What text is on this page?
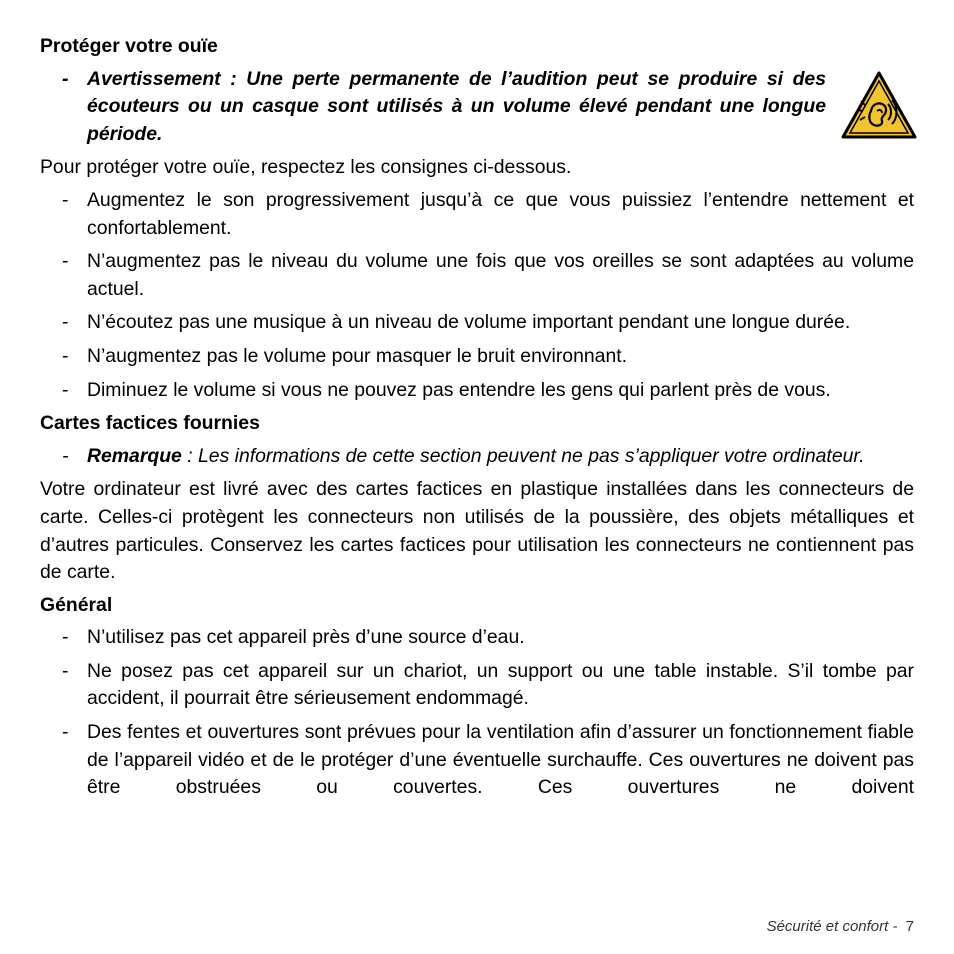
Protéger votre ouïe
- Avertissement : Une perte permanente de l’audition peut se produire si des écouteurs ou un casque sont utilisés à un volume élevé pendant une longue période.
Pour protéger votre ouïe, respectez les consignes ci-dessous.
- Augmentez le son progressivement jusqu’à ce que vous puissiez l’entendre nettement et confortablement.
- N’augmentez pas le niveau du volume une fois que vos oreilles se sont adaptées au volume actuel.
- N’écoutez pas une musique à un niveau de volume important pendant une longue durée.
- N’augmentez pas le volume pour masquer le bruit environnant.
- Diminuez le volume si vous ne pouvez pas entendre les gens qui parlent près de vous.
Cartes factices fournies
- Remarque : Les informations de cette section peuvent ne pas s’appliquer votre ordinateur.
Votre ordinateur est livré avec des cartes factices en plastique installées dans les connecteurs de carte. Celles-ci protègent les connecteurs non utilisés de la poussière, des objets métalliques et d’autres particules. Conservez les cartes factices pour utilisation les connecteurs ne contiennent pas de carte.
Général
- N’utilisez pas cet appareil près d’une source d’eau.
- Ne posez pas cet appareil sur un chariot, un support ou une table instable. S’il tombe par accident, il pourrait être sérieusement endommagé.
- Des fentes et ouvertures sont prévues pour la ventilation afin d’assurer un fonctionnement fiable de l’appareil vidéo et de le protéger d’une éventuelle surchauffe. Ces ouvertures ne doivent pas être obstruées ou couvertes. Ces ouvertures ne doivent
Sécurité et confort - 7
